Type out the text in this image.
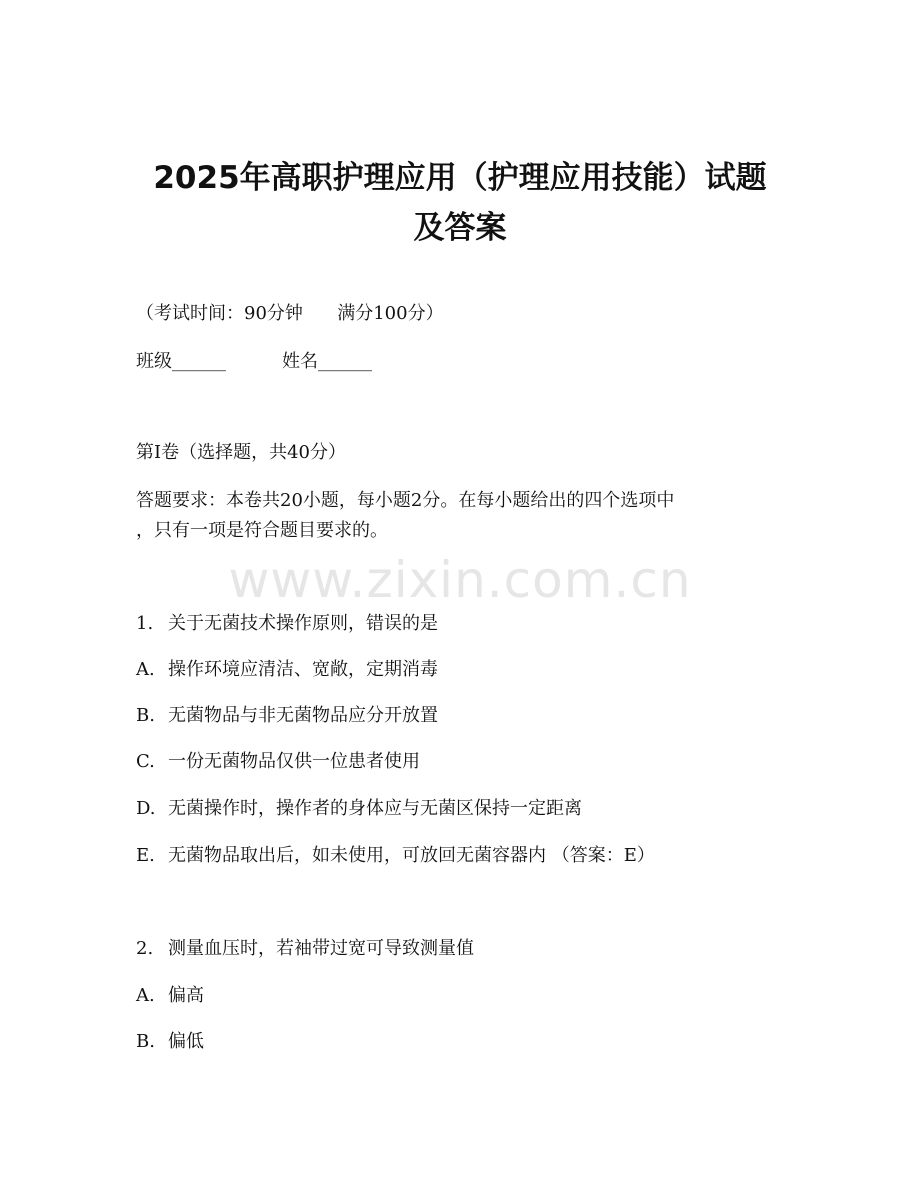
2025年高职护理应用（护理应用技能）试题
及答案
（考试时间：90分钟      满分100分）
班级______	姓名______
第I卷（选择题，共40分）
答题要求：本卷共20小题，每小题2分。在每小题给出的四个选项中
，只有一项是符合题目要求的。
www.zixin.com.cn
1. 关于无菌技术操作原则，错误的是
A. 操作环境应清洁、宽敞，定期消毒
B. 无菌物品与非无菌物品应分开放置
C. 一份无菌物品仅供一位患者使用
D. 无菌操作时，操作者的身体应与无菌区保持一定距离
E. 无菌物品取出后，如未使用，可放回无菌容器内 （答案：E）
2. 测量血压时，若袖带过宽可导致测量值
A. 偏高
B. 偏低
